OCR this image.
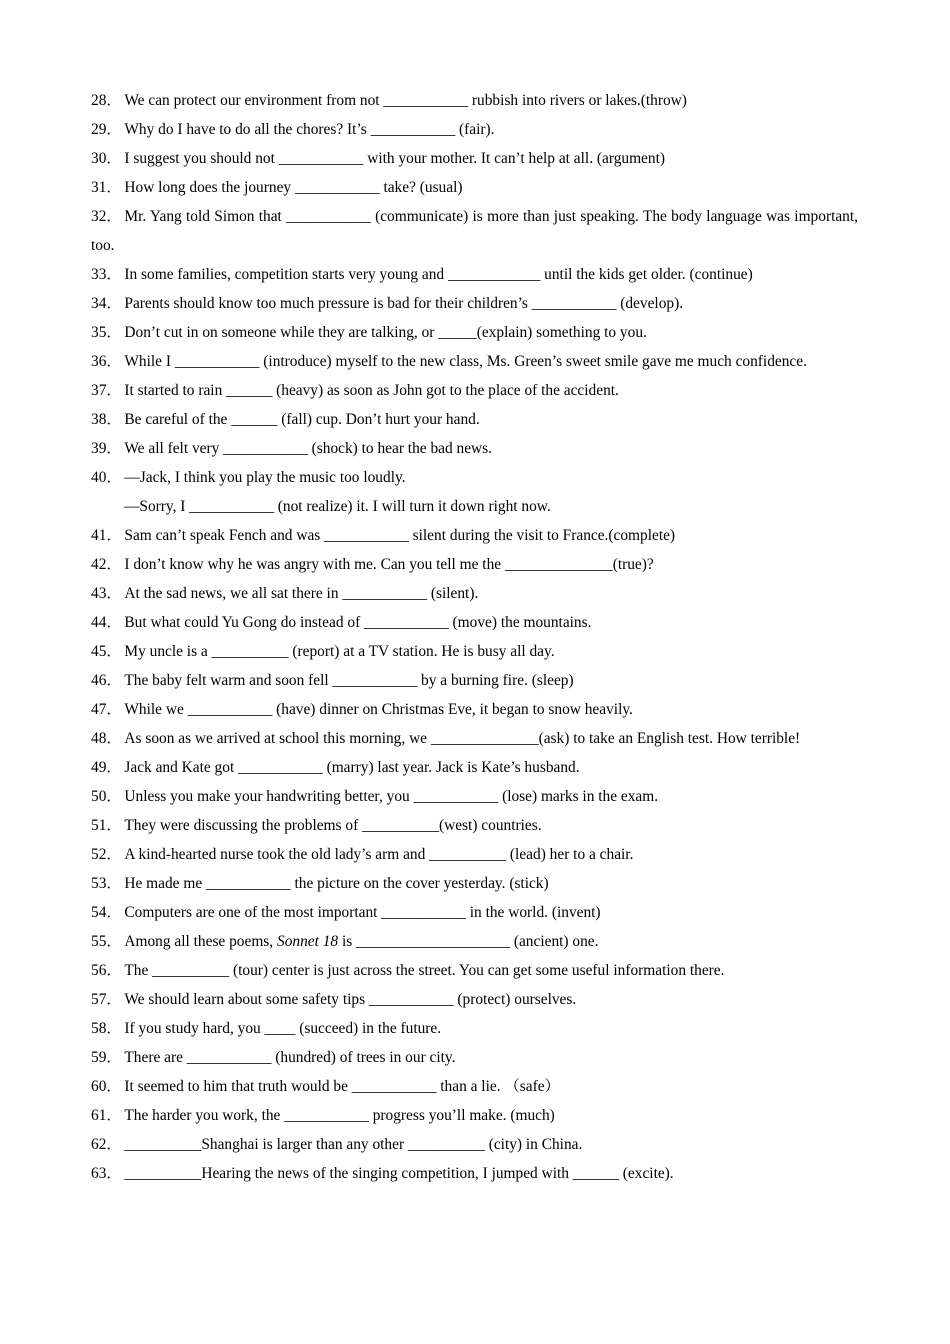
28． We can protect our environment from not ___________ rubbish into rivers or lakes.(throw)
29． Why do I have to do all the chores? It’s ___________ (fair).
30． I suggest you should not ___________ with your mother. It can’t help at all. (argument)
31． How long does the journey ___________ take? (usual)
32． Mr. Yang told Simon that ___________ (communicate) is more than just speaking. The body language was important, too.
33． In some families, competition starts very young and ____________ until the kids get older. (continue)
34． Parents should know too much pressure is bad for their children’s ___________ (develop).
35． Don’t cut in on someone while they are talking, or _____(explain) something to you.
36． While I ___________ (introduce) myself to the new class, Ms. Green’s sweet smile gave me much confidence.
37． It started to rain ______ (heavy) as soon as John got to the place of the accident.
38． Be careful of the ______ (fall) cup. Don’t hurt your hand.
39． We all felt very ___________ (shock) to hear the bad news.
40． —Jack, I think you play the music too loudly.
—Sorry, I ___________ (not realize) it. I will turn it down right now.
41． Sam can’t speak Fench and was ___________ silent during the visit to France.(complete)
42． I don’t know why he was angry with me. Can you tell me the ______________(true)?
43． At the sad news, we all sat there in ___________ (silent).
44． But what could Yu Gong do instead of ___________ (move) the mountains.
45． My uncle is a __________ (report) at a TV station. He is busy all day.
46． The baby felt warm and soon fell ___________ by a burning fire. (sleep)
47． While we ___________ (have) dinner on Christmas Eve, it began to snow heavily.
48． As soon as we arrived at school this morning, we ______________(ask) to take an English test. How terrible!
49． Jack and Kate got ___________ (marry) last year. Jack is Kate’s husband.
50． Unless you make your handwriting better, you ___________ (lose) marks in the exam.
51． They were discussing the problems of __________(west) countries.
52． A kind-hearted nurse took the old lady’s arm and __________ (lead) her to a chair.
53． He made me ___________ the picture on the cover yesterday. (stick)
54． Computers are one of the most important ___________ in the world. (invent)
55． Among all these poems, Sonnet 18 is ____________________ (ancient) one.
56． The __________ (tour) center is just across the street. You can get some useful information there.
57． We should learn about some safety tips ___________ (protect) ourselves.
58． If you study hard, you ____ (succeed) in the future.
59． There are ___________ (hundred) of trees in our city.
60． It seemed to him that truth would be ___________ than a lie. （safe）
61． The harder you work, the ___________ progress you’ll make. (much)
62． __________Shanghai is larger than any other __________ (city) in China.
63． __________Hearing the news of the singing competition, I jumped with ______ (excite).
